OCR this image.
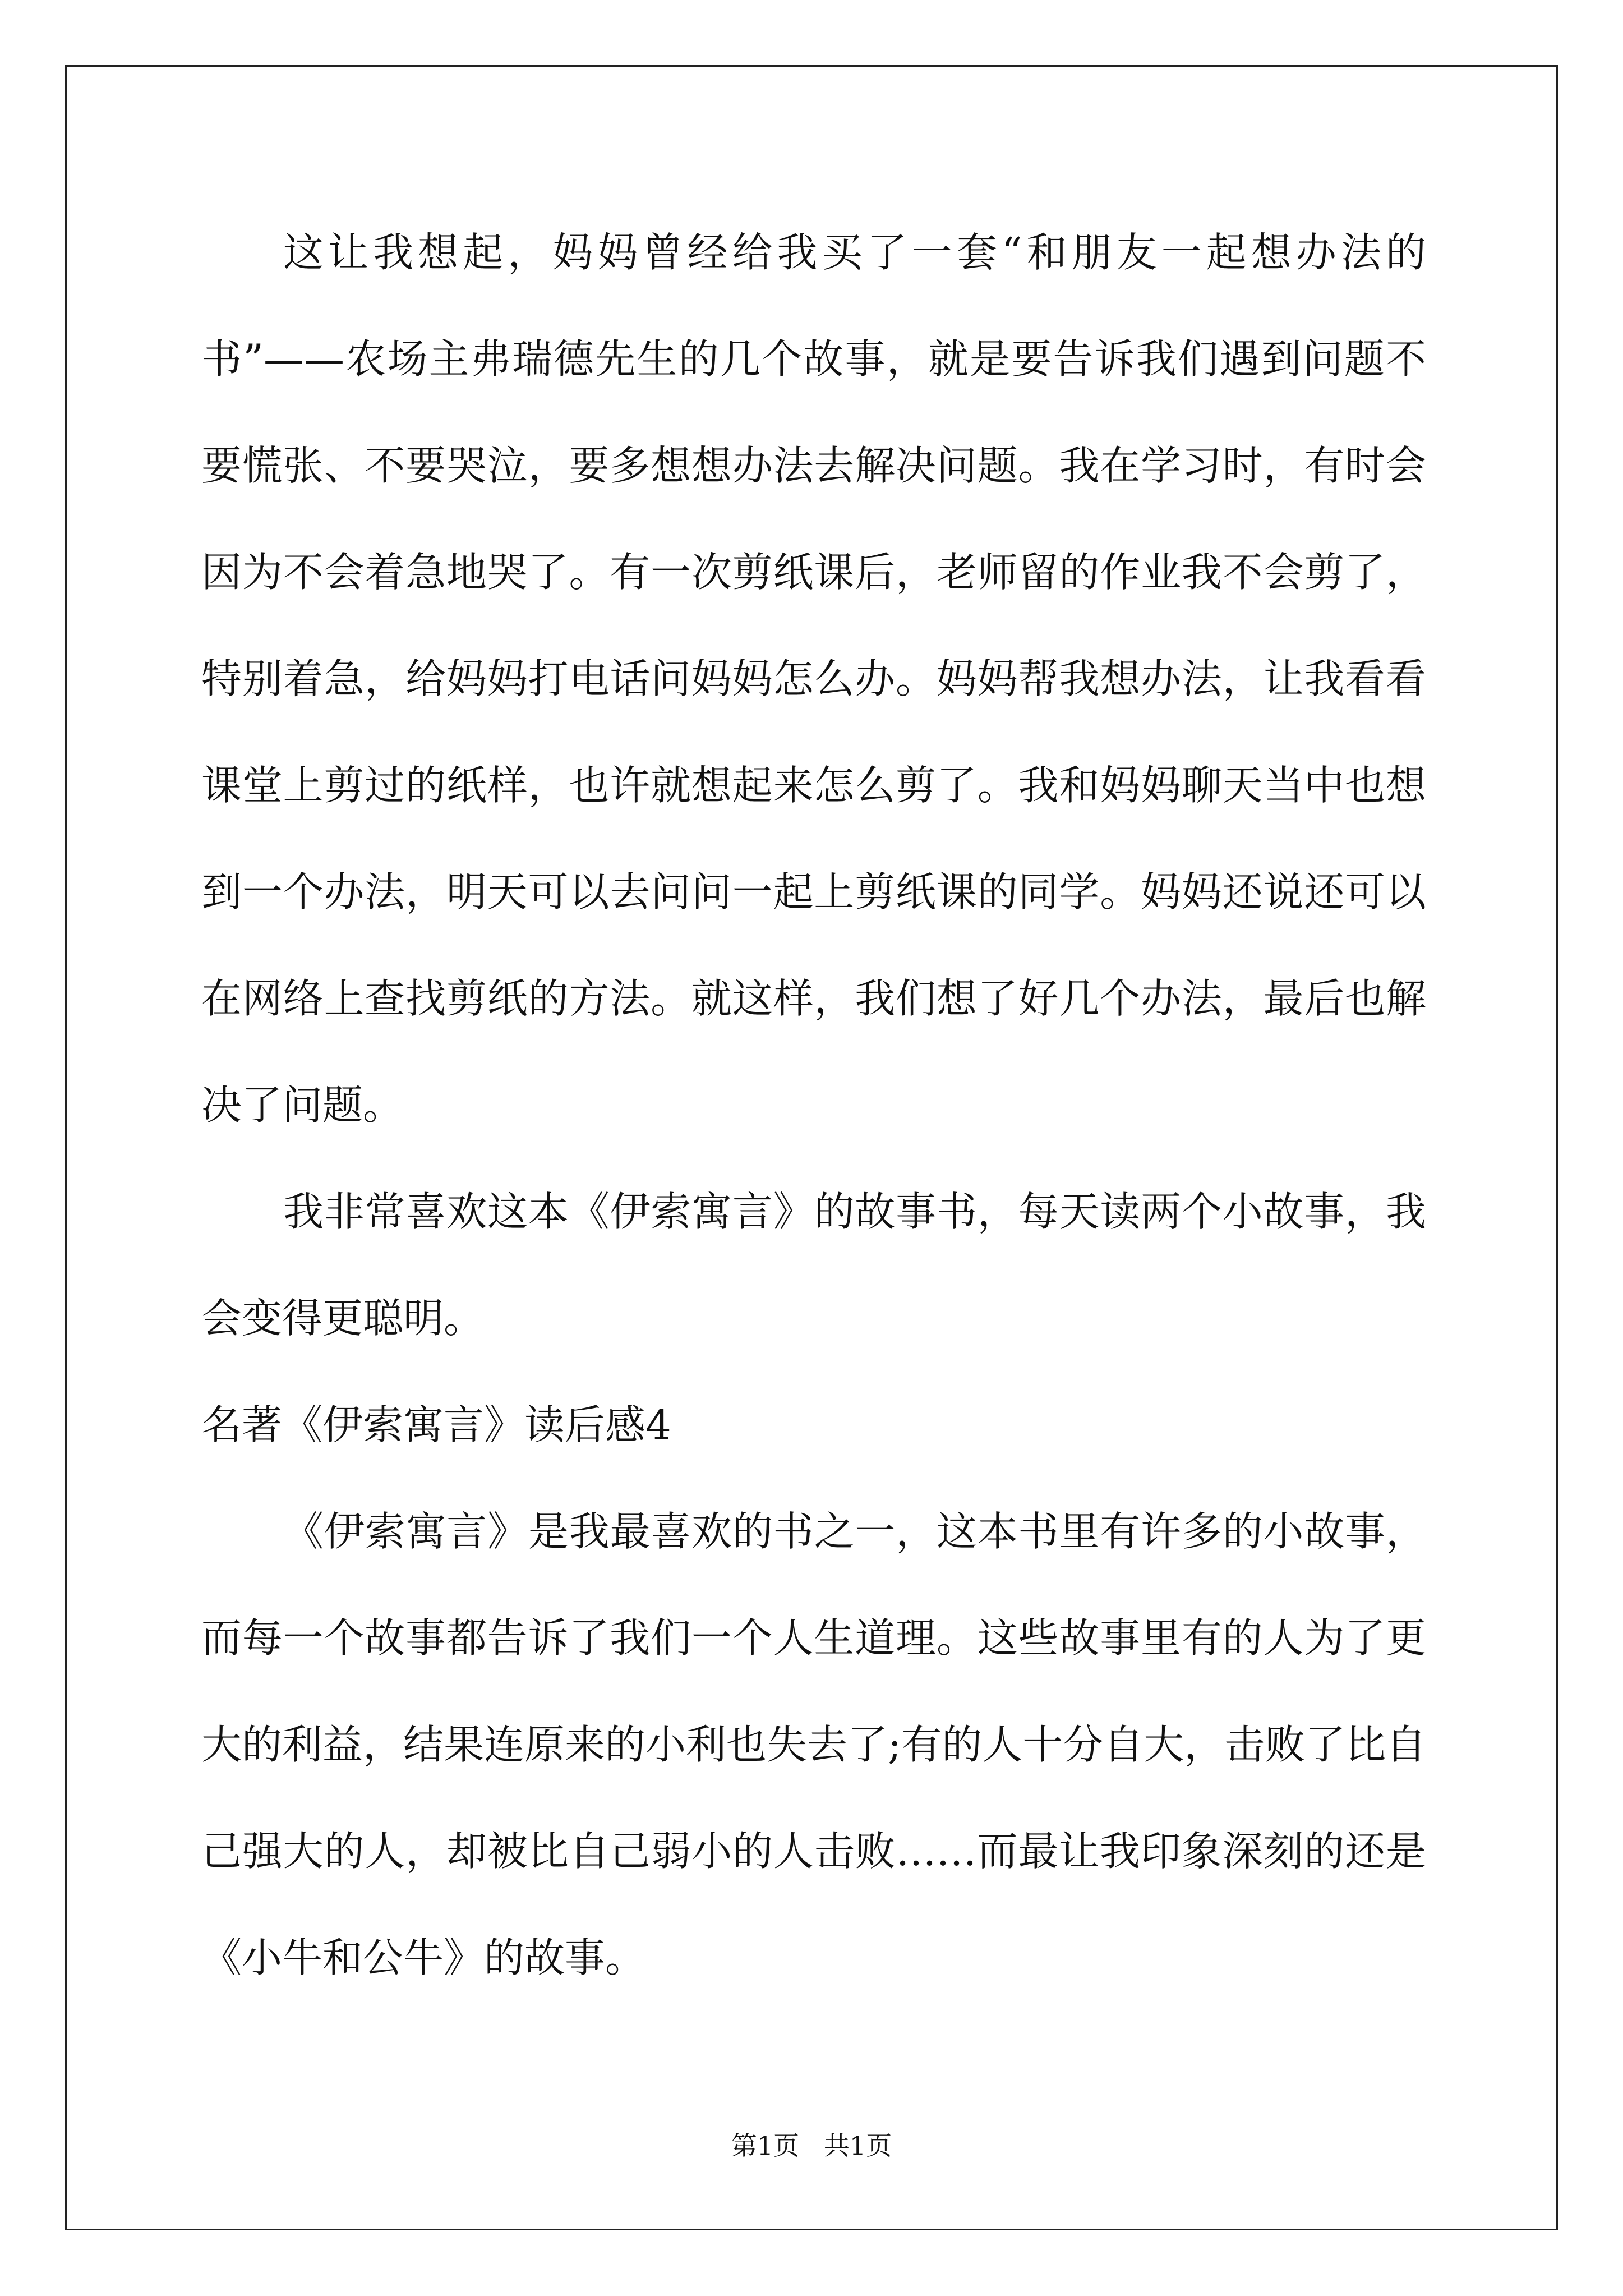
这让我想起，妈妈曾经给我买了一套“和朋友一起想办法的
书”——农场主弗瑞德先生的几个故事，就是要告诉我们遇到问题不
要慌张、不要哭泣，要多想想办法去解决问题。我在学习时，有时会
因为不会着急地哭了。有一次剪纸课后，老师留的作业我不会剪了，
特别着急，给妈妈打电话问妈妈怎么办。妈妈帮我想办法，让我看看
课堂上剪过的纸样，也许就想起来怎么剪了。我和妈妈聊天当中也想
到一个办法，明天可以去问问一起上剪纸课的同学。妈妈还说还可以
在网络上查找剪纸的方法。就这样，我们想了好几个办法，最后也解
决了问题。
我非常喜欢这本《伊索寓言》的故事书，每天读两个小故事，我
会变得更聪明。
名著《伊索寓言》读后感4
《伊索寓言》是我最喜欢的书之一，这本书里有许多的小故事，
而每一个故事都告诉了我们一个人生道理。这些故事里有的人为了更
大的利益，结果连原来的小利也失去了;有的人十分自大，击败了比自
己强大的人，却被比自己弱小的人击败……而最让我印象深刻的还是
《小牛和公牛》的故事。
第1页   共1页
